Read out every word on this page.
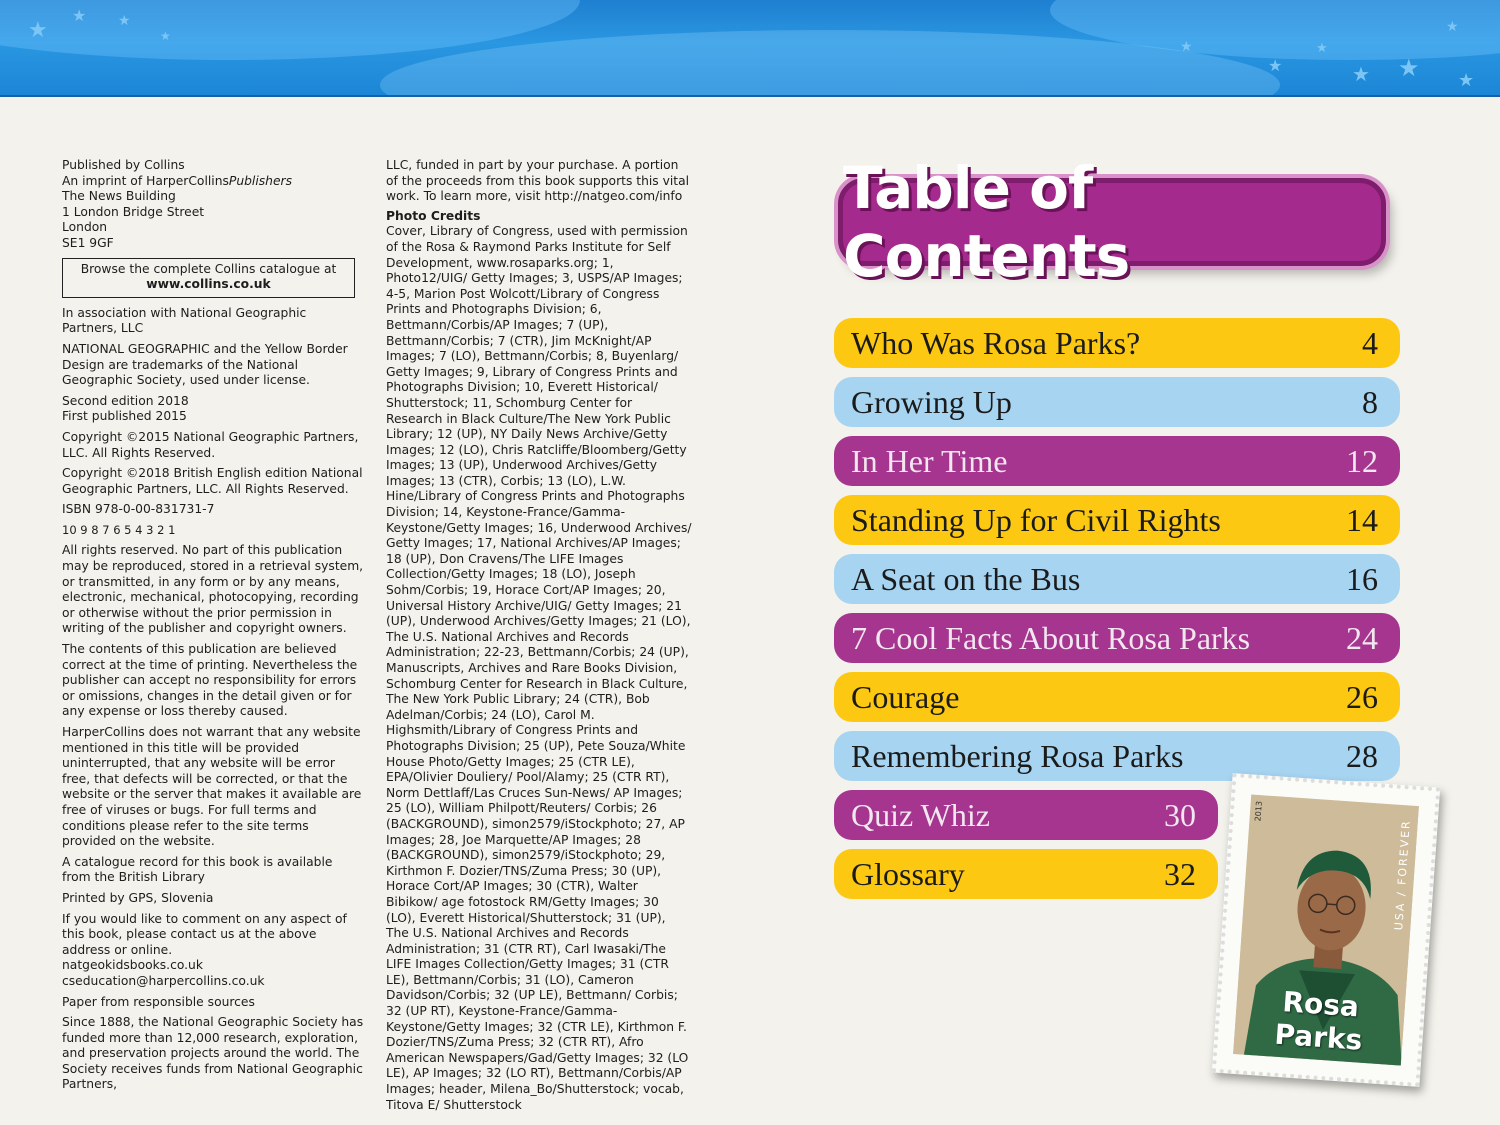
★
★ ★
★
★
★
★
★ ★
★
★
Published by Collins
An imprint of HarperCollinsPublishers
The News Building
1 London Bridge Street
London
SE1 9GF
Browse the complete Collins catalogue at
www.collins.co.uk

In association with National Geographic Partners, LLC

NATIONAL GEOGRAPHIC and the Yellow Border Design are trademarks of the National Geographic Society, used under license.

Second edition 2018
First published 2015

Copyright ©2015 National Geographic Partners, LLC. All Rights Reserved.

Copyright ©2018 British English edition National Geographic Partners, LLC. All Rights Reserved.

ISBN 978-0-00-831731-7

10 9 8 7 6 5 4 3 2 1

All rights reserved. No part of this publication may be reproduced, stored in a retrieval system, or transmitted, in any form or by any means, electronic, mechanical, photocopying, recording or otherwise without the prior permission in writing of the publisher and copyright owners.

The contents of this publication are believed correct at the time of printing. Nevertheless the publisher can accept no responsibility for errors or omissions, changes in the detail given or for any expense or loss thereby caused.

HarperCollins does not warrant that any website mentioned in this title will be provided uninterrupted, that any website will be error free, that defects will be corrected, or that the website or the server that makes it available are free of viruses or bugs. For full terms and conditions please refer to the site terms provided on the website.

A catalogue record for this book is available from the British Library

Printed by GPS, Slovenia

If you would like to comment on any aspect of this book, please contact us at the above address or online.
natgeokidsbooks.co.uk
cseducation@harpercollins.co.uk

Paper from responsible sources

Since 1888, the National Geographic Society has funded more than 12,000 research, exploration, and preservation projects around the world. The Society receives funds from National Geographic Partners,

LLC, funded in part by your purchase. A portion of the proceeds from this book supports this vital work. To learn more, visit http://natgeo.com/info

Photo Credits

Cover, Library of Congress, used with permission of the Rosa & Raymond Parks Institute for Self Development, www.rosaparks.org; 1, Photo12/UIG/ Getty Images; 3, USPS/AP Images; 4-5, Marion Post Wolcott/Library of Congress Prints and Photographs Division; 6, Bettmann/Corbis/AP Images; 7 (UP), Bettmann/Corbis; 7 (CTR), Jim McKnight/AP Images; 7 (LO), Bettmann/Corbis; 8, Buyenlarg/ Getty Images; 9, Library of Congress Prints and Photographs Division; 10, Everett Historical/ Shutterstock; 11, Schomburg Center for Research in Black Culture/The New York Public Library; 12 (UP), NY Daily News Archive/Getty Images; 12 (LO), Chris Ratcliffe/Bloomberg/Getty Images; 13 (UP), Underwood Archives/Getty Images; 13 (CTR), Corbis; 13 (LO), L.W. Hine/Library of Congress Prints and Photographs Division; 14, Keystone-France/Gamma- Keystone/Getty Images; 16, Underwood Archives/ Getty Images; 17, National Archives/AP Images; 18 (UP), Don Cravens/The LIFE Images Collection/Getty Images; 18 (LO), Joseph Sohm/Corbis; 19, Horace Cort/AP Images; 20, Universal History Archive/UIG/ Getty Images; 21 (UP), Underwood Archives/Getty Images; 21 (LO), The U.S. National Archives and Records Administration; 22-23, Bettmann/Corbis; 24 (UP), Manuscripts, Archives and Rare Books Division, Schomburg Center for Research in Black Culture, The New York Public Library; 24 (CTR), Bob Adelman/Corbis; 24 (LO), Carol M. Highsmith/Library of Congress Prints and Photographs Division; 25 (UP), Pete Souza/White House Photo/Getty Images; 25 (CTR LE), EPA/Olivier Douliery/ Pool/Alamy; 25 (CTR RT), Norm Dettlaff/Las Cruces Sun-News/ AP Images; 25 (LO), William Philpott/Reuters/ Corbis; 26 (BACKGROUND), simon2579/iStockphoto; 27, AP Images; 28, Joe Marquette/AP Images; 28 (BACKGROUND), simon2579/iStockphoto; 29, Kirthmon F. Dozier/TNS/Zuma Press; 30 (UP), Horace Cort/AP Images; 30 (CTR), Walter Bibikow/ age fotostock RM/Getty Images; 30 (LO), Everett Historical/Shutterstock; 31 (UP), The U.S. National Archives and Records Administration; 31 (CTR RT), Carl Iwasaki/The LIFE Images Collection/Getty Images; 31 (CTR LE), Bettmann/Corbis; 31 (LO), Cameron Davidson/Corbis; 32 (UP LE), Bettmann/ Corbis; 32 (UP RT), Keystone-France/Gamma- Keystone/Getty Images; 32 (CTR LE), Kirthmon F. Dozier/TNS/Zuma Press; 32 (CTR RT), Afro American Newspapers/Gad/Getty Images; 32 (LO LE), AP Images; 32 (LO RT), Bettmann/Corbis/AP Images; header, Milena_Bo/Shutterstock; vocab, Titova E/ Shutterstock

Table of Contents
Who Was Rosa Parks?	4
Growing Up	8
In Her Time	12
Standing Up for Civil Rights	14
A Seat on the Bus	16
7 Cool Facts About Rosa Parks	24
Courage	26
Remembering Rosa Parks	28
Quiz Whiz	30
Glossary	32
2013
USA / FOREVER
Rosa Parks
